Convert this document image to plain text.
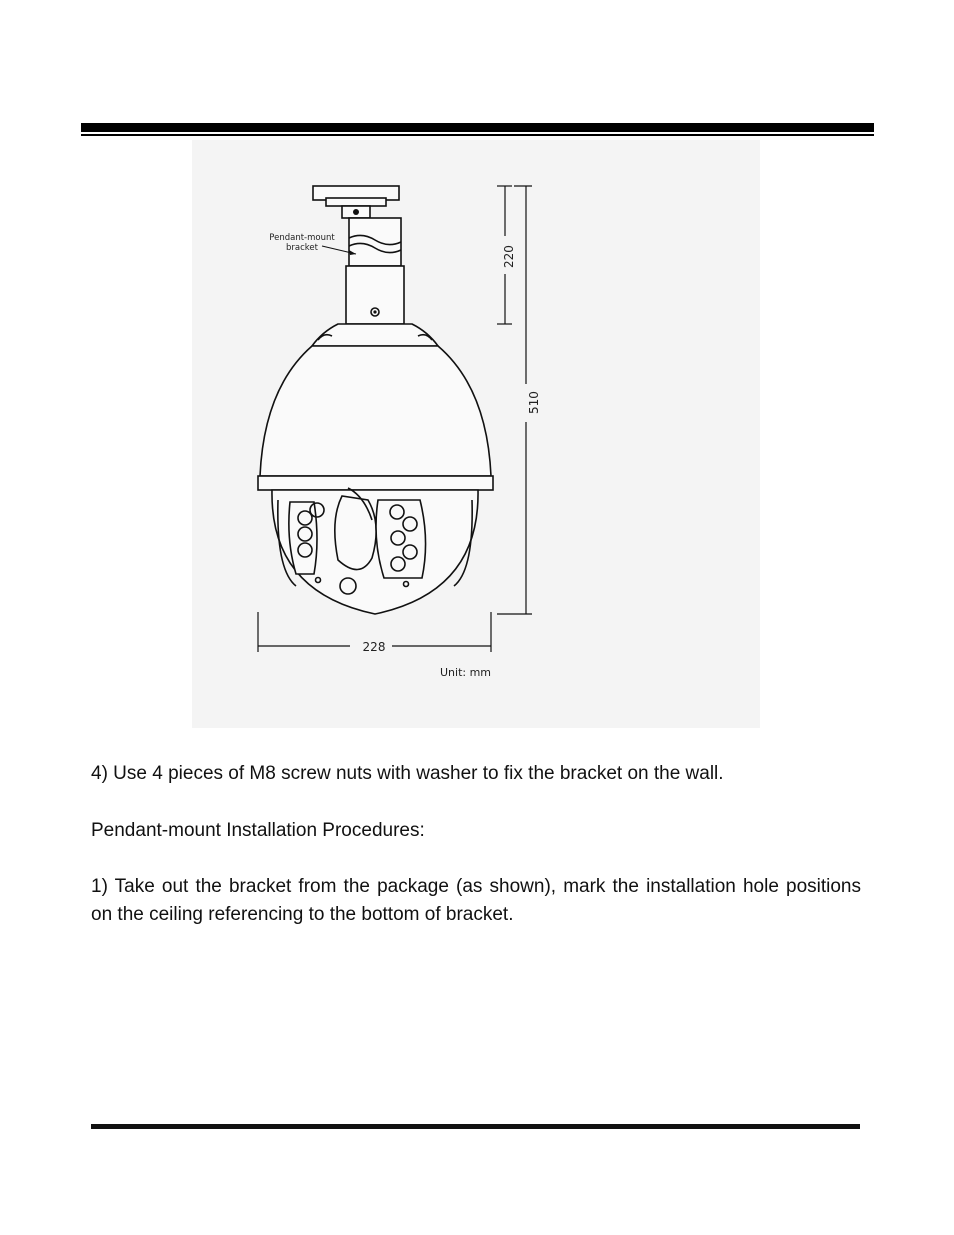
Pendant-mount
bracket	220
510
228
Unit: mm

4) Use 4 pieces of M8 screw nuts with washer to fix the bracket on the wall.

Pendant-mount Installation Procedures:

1) Take out the bracket from the package (as shown), mark the installation hole positions on the ceiling referencing to the bottom of bracket.
